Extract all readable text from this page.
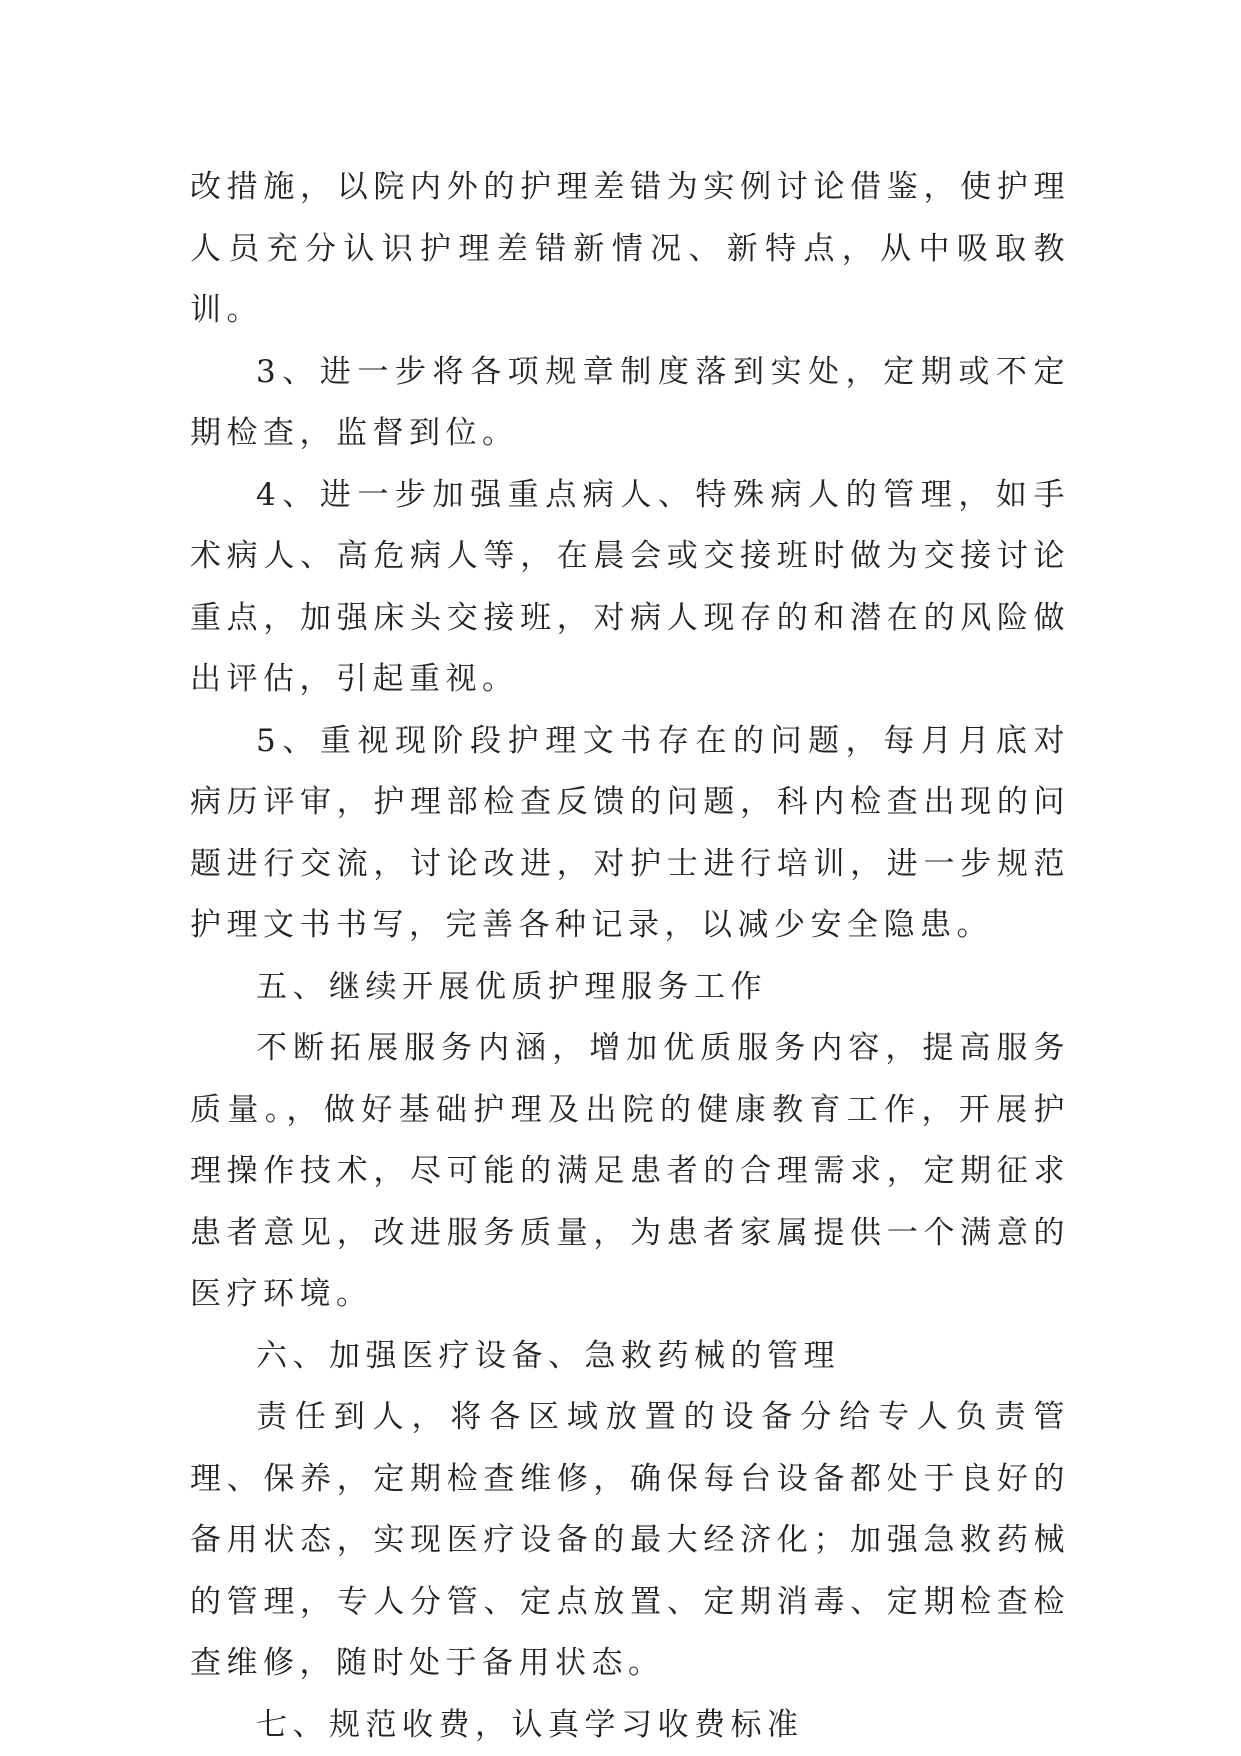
改措施，以院内外的护理差错为实例讨论借鉴，使护理人员充分认识护理差错新情况、新特点，从中吸取教训。

3、进一步将各项规章制度落到实处，定期或不定期检查，监督到位。

4、进一步加强重点病人、特殊病人的管理，如手术病人、高危病人等，在晨会或交接班时做为交接讨论重点，加强床头交接班，对病人现存的和潜在的风险做出评估，引起重视。

5、重视现阶段护理文书存在的问题，每月月底对病历评审，护理部检查反馈的问题，科内检查出现的问题进行交流，讨论改进，对护士进行培训，进一步规范护理文书书写，完善各种记录，以减少安全隐患。

五、继续开展优质护理服务工作

不断拓展服务内涵，增加优质服务内容，提高服务质量。，做好基础护理及出院的健康教育工作，开展护理操作技术，尽可能的满足患者的合理需求，定期征求患者意见，改进服务质量，为患者家属提供一个满意的医疗环境。

六、加强医疗设备、急救药械的管理

责任到人，将各区域放置的设备分给专人负责管理、保养，定期检查维修，确保每台设备都处于良好的备用状态，实现医疗设备的最大经济化；加强急救药械的管理，专人分管、定点放置、定期消毒、定期检查检查维修，随时处于备用状态。

七、规范收费，认真学习收费标准
